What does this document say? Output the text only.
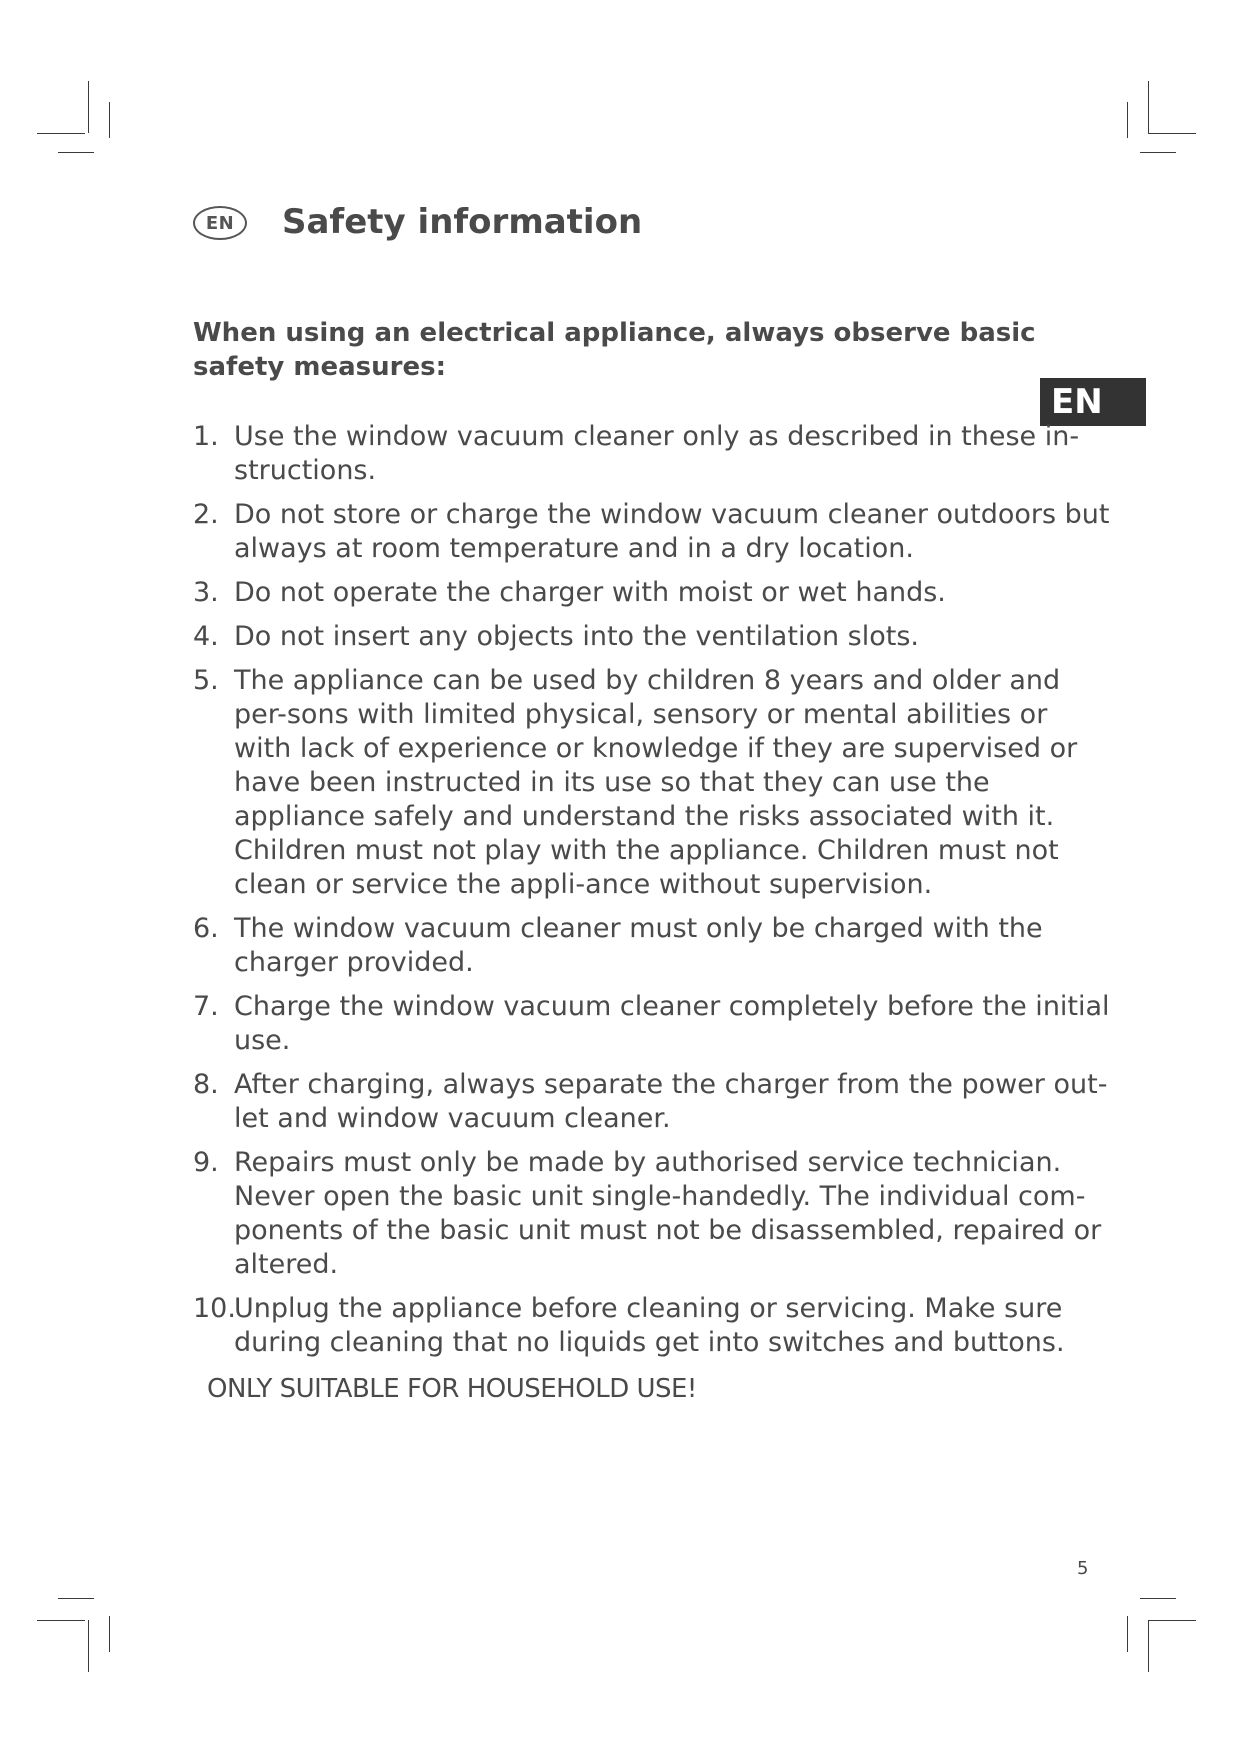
EN	Safety information
EN

When using an electrical appliance, always observe basic safety measures:

1. Use the window vacuum cleaner only as described in these in-structions.
2. Do not store or charge the window vacuum cleaner outdoors but always at room temperature and in a dry location.
3. Do not operate the charger with moist or wet hands.
4. Do not insert any objects into the ventilation slots.
5. The appliance can be used by children 8 years and older and per-sons with limited physical, sensory or mental abilities or with lack of experience or knowledge if they are supervised or have been instructed in its use so that they can use the appliance safely and understand the risks associated with it. Children must not play with the appliance. Children must not clean or service the appli-ance without supervision.
6. The window vacuum cleaner must only be charged with the charger provided.
7. Charge the window vacuum cleaner completely before the initial use.
8. After charging, always separate the charger from the power out-let and window vacuum cleaner.
9. Repairs must only be made by authorised service technician. Never open the basic unit single-handedly. The individual com-ponents of the basic unit must not be disassembled, repaired or altered.
10.
Unplug the appliance before cleaning or servicing. Make sure during cleaning that no liquids get into switches and buttons.
ONLY SUITABLE FOR HOUSEHOLD USE!
5
